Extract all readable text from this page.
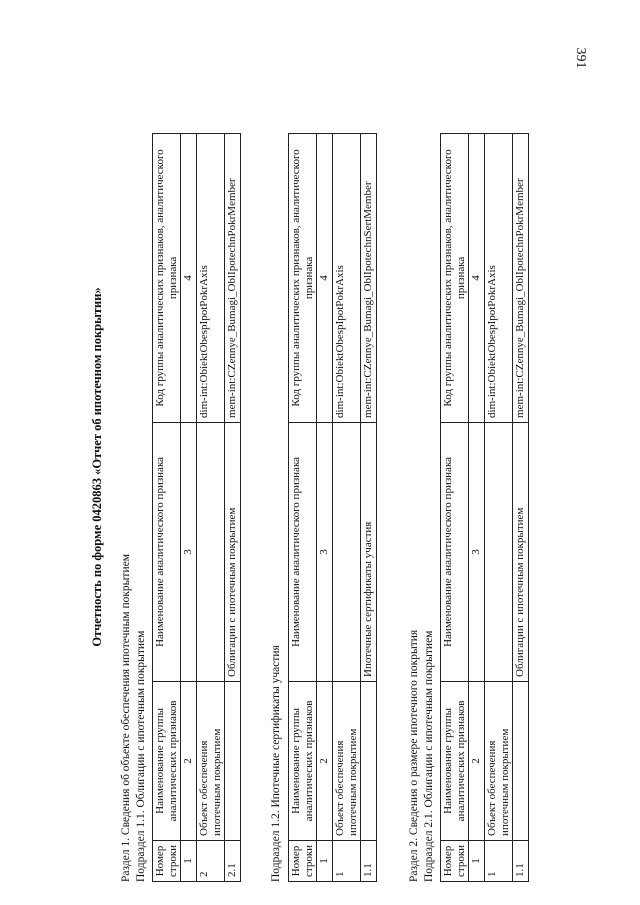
391
Отчетность по форме 0420863 «Отчет об ипотечном покрытии»
Раздел 1. Сведения об объекте обеспечения ипотечным покрытием Подраздел 1.1. Облигации с ипотечным покрытием Номер строки	Наименование группы аналитических признаков	Наименование аналитического признака	Код группы аналитических признаков, аналитического признака
1	2	3	4
2	Объект обеспечения ипотечным покрытием		dim-int:ObiektObespIpotPokrAxis
2.1		Облигации с ипотечным покрытием	mem-int:CZennye_Bumagi_OblIpotechnPokrMember
Подраздел 1.2. Ипотечные сертификаты участия Номер строки	Наименование группы аналитических признаков	Наименование аналитического признака	Код группы аналитических признаков, аналитического признака
1	2	3	4
1	Объект обеспечения ипотечным покрытием		dim-int:ObiektObespIpotPokrAxis
1.1		Ипотечные сертификаты участия	mem-int:CZennye_Bumagi_OblIpotechnSertMember
Раздел 2. Сведения о размере ипотечного покрытия Подраздел 2.1. Облигации с ипотечным покрытием Номер строки	Наименование группы аналитических признаков	Наименование аналитического признака	Код группы аналитических признаков, аналитического признака
1	2	3	4
1	Объект обеспечения ипотечным покрытием		dim-int:ObiektObespIpotPokrAxis
1.1		Облигации с ипотечным покрытием	mem-int:CZennye_Bumagi_OblIpotechnPokrMember
